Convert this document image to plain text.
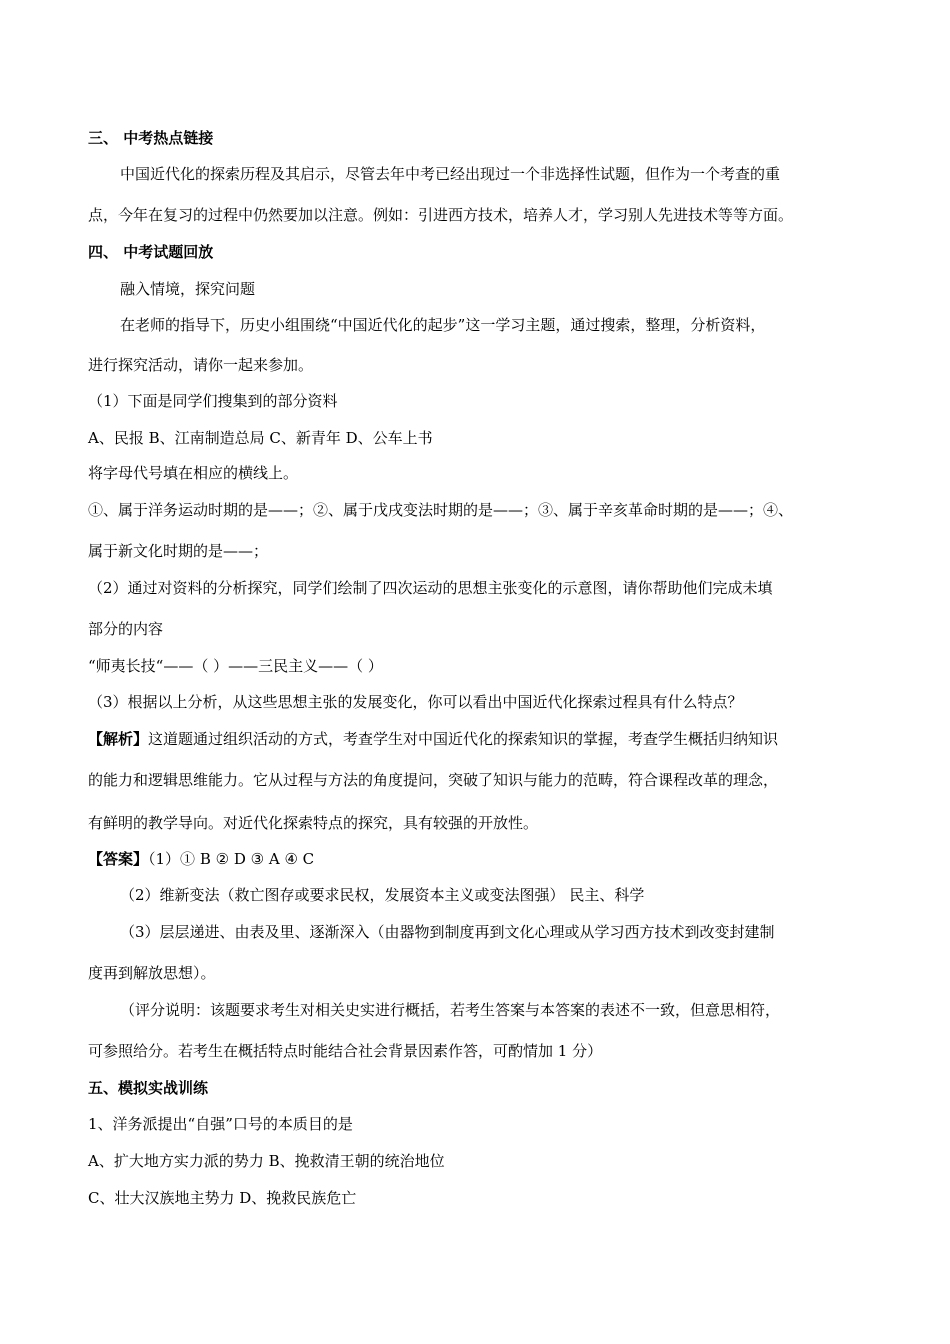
三、 中考热点链接
中国近代化的探索历程及其启示，尽管去年中考已经出现过一个非选择性试题，但作为一个考查的重
点，今年在复习的过程中仍然要加以注意。例如：引进西方技术，培养人才，学习别人先进技术等等方面。
四、 中考试题回放
融入情境，探究问题
在老师的指导下，历史小组围绕“中国近代化的起步”这一学习主题，通过搜索，整理，分析资料，
进行探究活动，请你一起来参加。
（1）下面是同学们搜集到的部分资料
A、民报 B、江南制造总局 C、新青年 D、公车上书
将字母代号填在相应的横线上。
①、属于洋务运动时期的是——；②、属于戊戌变法时期的是——；③、属于辛亥革命时期的是——；④、
属于新文化时期的是——；
（2）通过对资料的分析探究，同学们绘制了四次运动的思想主张变化的示意图，请你帮助他们完成未填
部分的内容
“师夷长技“——（ ）——三民主义——（ ）
（3）根据以上分析，从这些思想主张的发展变化，你可以看出中国近代化探索过程具有什么特点？
【解析】这道题通过组织活动的方式，考查学生对中国近代化的探索知识的掌握，考查学生概括归纳知识
的能力和逻辑思维能力。它从过程与方法的角度提问，突破了知识与能力的范畴，符合课程改革的理念，
有鲜明的教学导向。对近代化探索特点的探究，具有较强的开放性。
【答案】（1）① B ② D ③ A ④ C
（2）维新变法（救亡图存或要求民权，发展资本主义或变法图强） 民主、科学
（3）层层递进、由表及里、逐渐深入（由器物到制度再到文化心理或从学习西方技术到改变封建制
度再到解放思想）。
（评分说明：该题要求考生对相关史实进行概括，若考生答案与本答案的表述不一致，但意思相符，
可参照给分。若考生在概括特点时能结合社会背景因素作答，可酌情加 1 分）
五、模拟实战训练
1、洋务派提出“自强”口号的本质目的是
A、扩大地方实力派的势力 B、挽救清王朝的统治地位
C、壮大汉族地主势力 D、挽救民族危亡
